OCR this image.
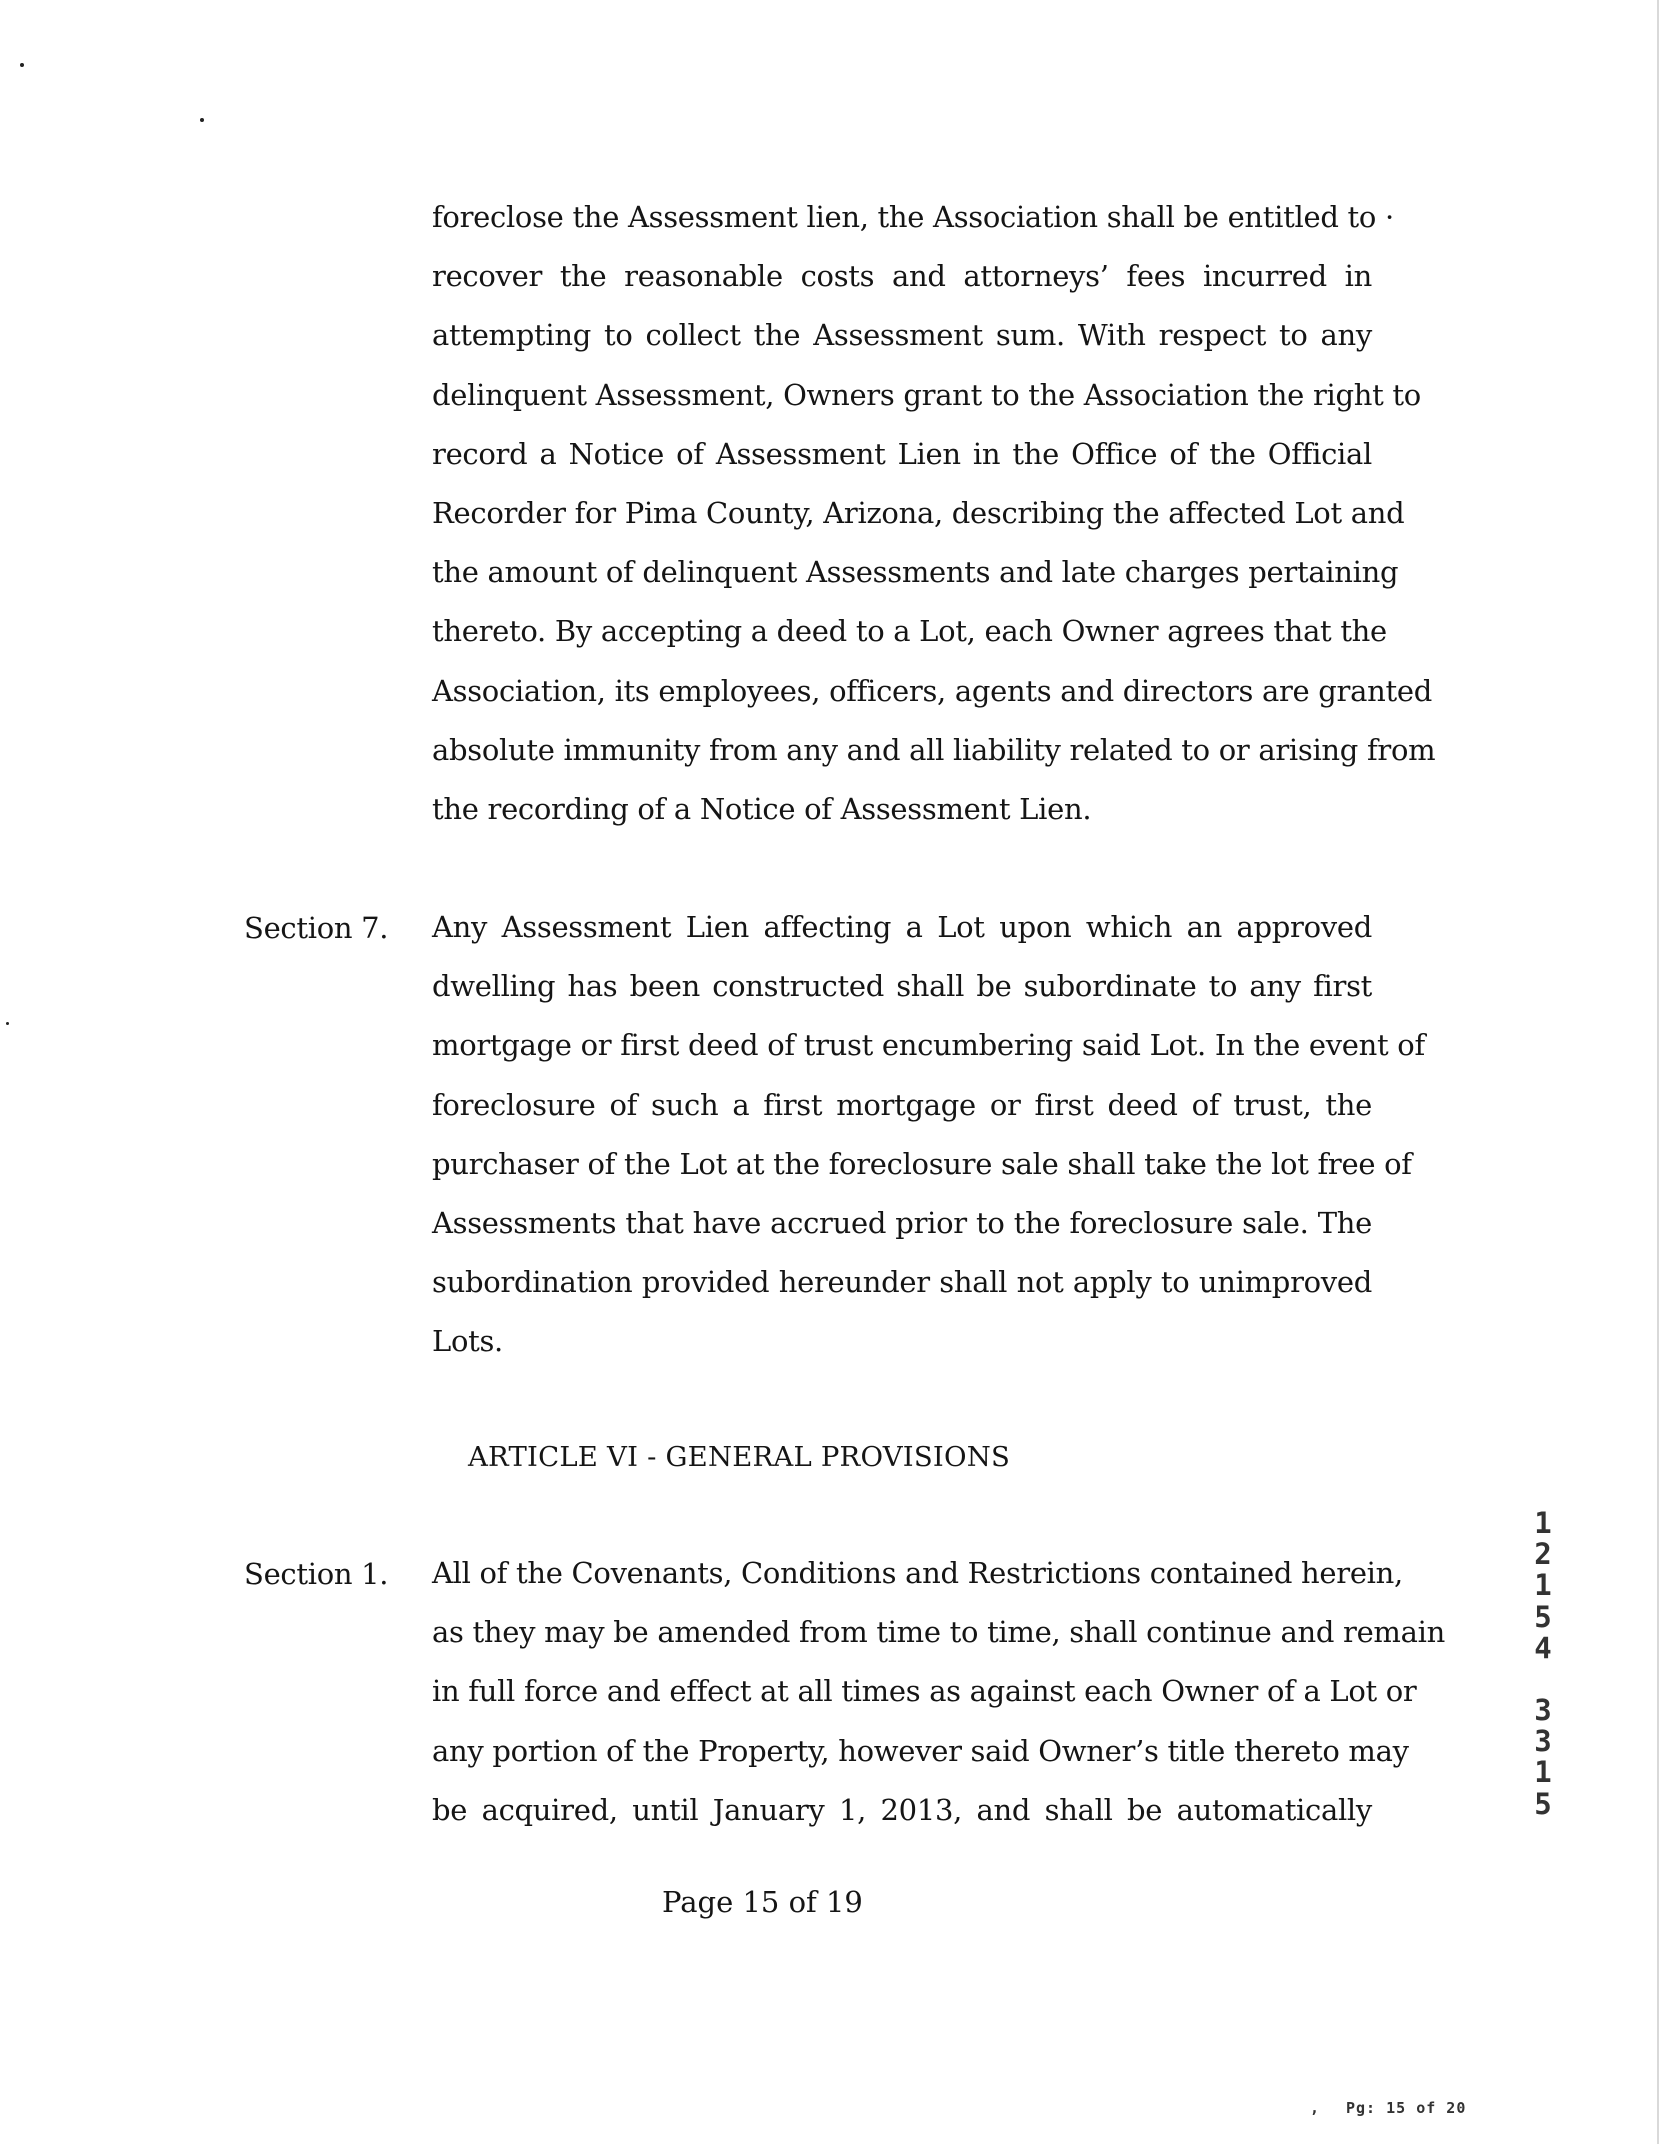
foreclose the Assessment lien, the Association shall be entitled to ·
recover the reasonable costs and attorneys’ fees incurred in
attempting to collect the Assessment sum. With respect to any
delinquent Assessment, Owners grant to the Association the right to
record a Notice of Assessment Lien in the Office of the Official
Recorder for Pima County, Arizona, describing the affected Lot and
the amount of delinquent Assessments and late charges pertaining
thereto. By accepting a deed to a Lot, each Owner agrees that the
Association, its employees, officers, agents and directors are granted
absolute immunity from any and all liability related to or arising from
the recording of a Notice of Assessment Lien.
Section 7. Any Assessment Lien affecting a Lot upon which an approved
dwelling has been constructed shall be subordinate to any first
mortgage or first deed of trust encumbering said Lot. In the event of
foreclosure of such a first mortgage or first deed of trust, the
purchaser of the Lot at the foreclosure sale shall take the lot free of
Assessments that have accrued prior to the foreclosure sale. The
subordination provided hereunder shall not apply to unimproved
Lots.
ARTICLE VI - GENERAL PROVISIONS
Section 1. All of the Covenants, Conditions and Restrictions contained herein,
as they may be amended from time to time, shall continue and remain
in full force and effect at all times as against each Owner of a Lot or
any portion of the Property, however said Owner’s title thereto may
be acquired, until January 1, 2013, and shall be automatically
Page 15 of 19
1
2
1
5
4
3
3
1
5
, Pg: 15 of 20
